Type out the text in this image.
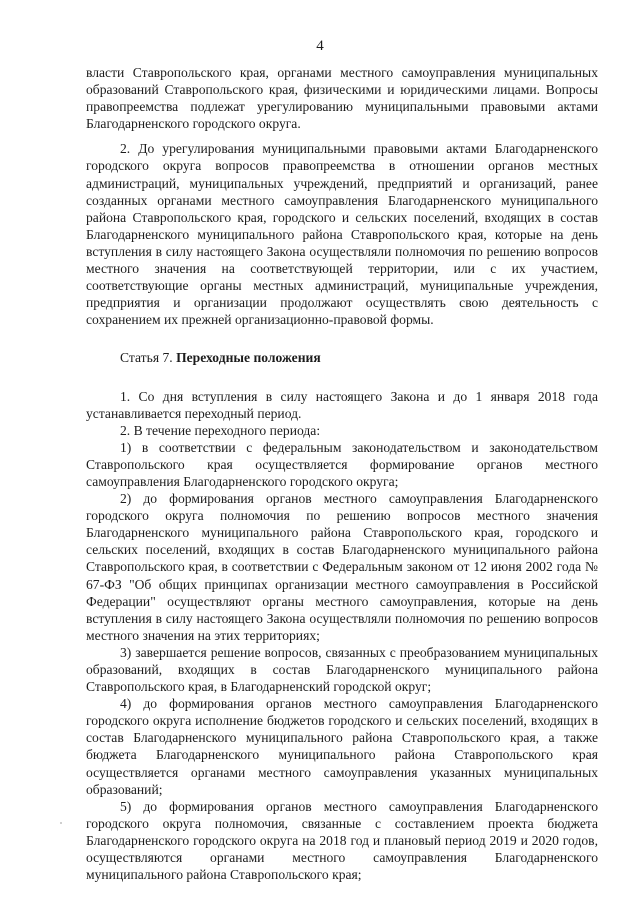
4

власти Ставропольского края, органами местного самоуправления муниципальных образований Ставропольского края, физическими и юридическими лицами. Вопросы правопреемства подлежат урегулированию муниципальными правовыми актами Благодарненского городского округа.

2. До урегулирования муниципальными правовыми актами Благодарненского городского округа вопросов правопреемства в отношении органов местных администраций, муниципальных учреждений, предприятий и организаций, ранее созданных органами местного самоуправления Благодарненского муниципального района Ставропольского края, городского и сельских поселений, входящих в состав Благодарненского муниципального района Ставропольского края, которые на день вступления в силу настоящего Закона осуществляли полномочия по решению вопросов местного значения на соответствующей территории, или с их участием, соответствующие органы местных администраций, муниципальные учреждения, предприятия и организации продолжают осуществлять свою деятельность с сохранением их прежней организационно-правовой формы.

Статья 7. Переходные положения

1. Со дня вступления в силу настоящего Закона и до 1 января 2018 года устанавливается переходный период.

2. В течение переходного периода:

1) в соответствии с федеральным законодательством и законодательством Ставропольского края осуществляется формирование органов местного самоуправления Благодарненского городского округа;

2) до формирования органов местного самоуправления Благодарненского городского округа полномочия по решению вопросов местного значения Благодарненского муниципального района Ставропольского края, городского и сельских поселений, входящих в состав Благодарненского муниципального района Ставропольского края, в соответствии с Федеральным законом от 12 июня 2002 года № 67-ФЗ "Об общих принципах организации местного самоуправления в Российской Федерации" осуществляют органы местного самоуправления, которые на день вступления в силу настоящего Закона осуществляли полномочия по решению вопросов местного значения на этих территориях;

3) завершается решение вопросов, связанных с преобразованием муниципальных образований, входящих в состав Благодарненского муниципального района Ставропольского края, в Благодарненский городской округ;

4) до формирования органов местного самоуправления Благодарненского городского округа исполнение бюджетов городского и сельских поселений, входящих в состав Благодарненского муниципального района Ставропольского края, а также бюджета Благодарненского муниципального района Ставропольского края осуществляется органами местного самоуправления указанных муниципальных образований;

5) до формирования органов местного самоуправления Благодарненского городского округа полномочия, связанные с составлением проекта бюджета Благодарненского городского округа на 2018 год и плановый период 2019 и 2020 годов, осуществляются органами местного самоуправления Благодарненского муниципального района Ставропольского края;
